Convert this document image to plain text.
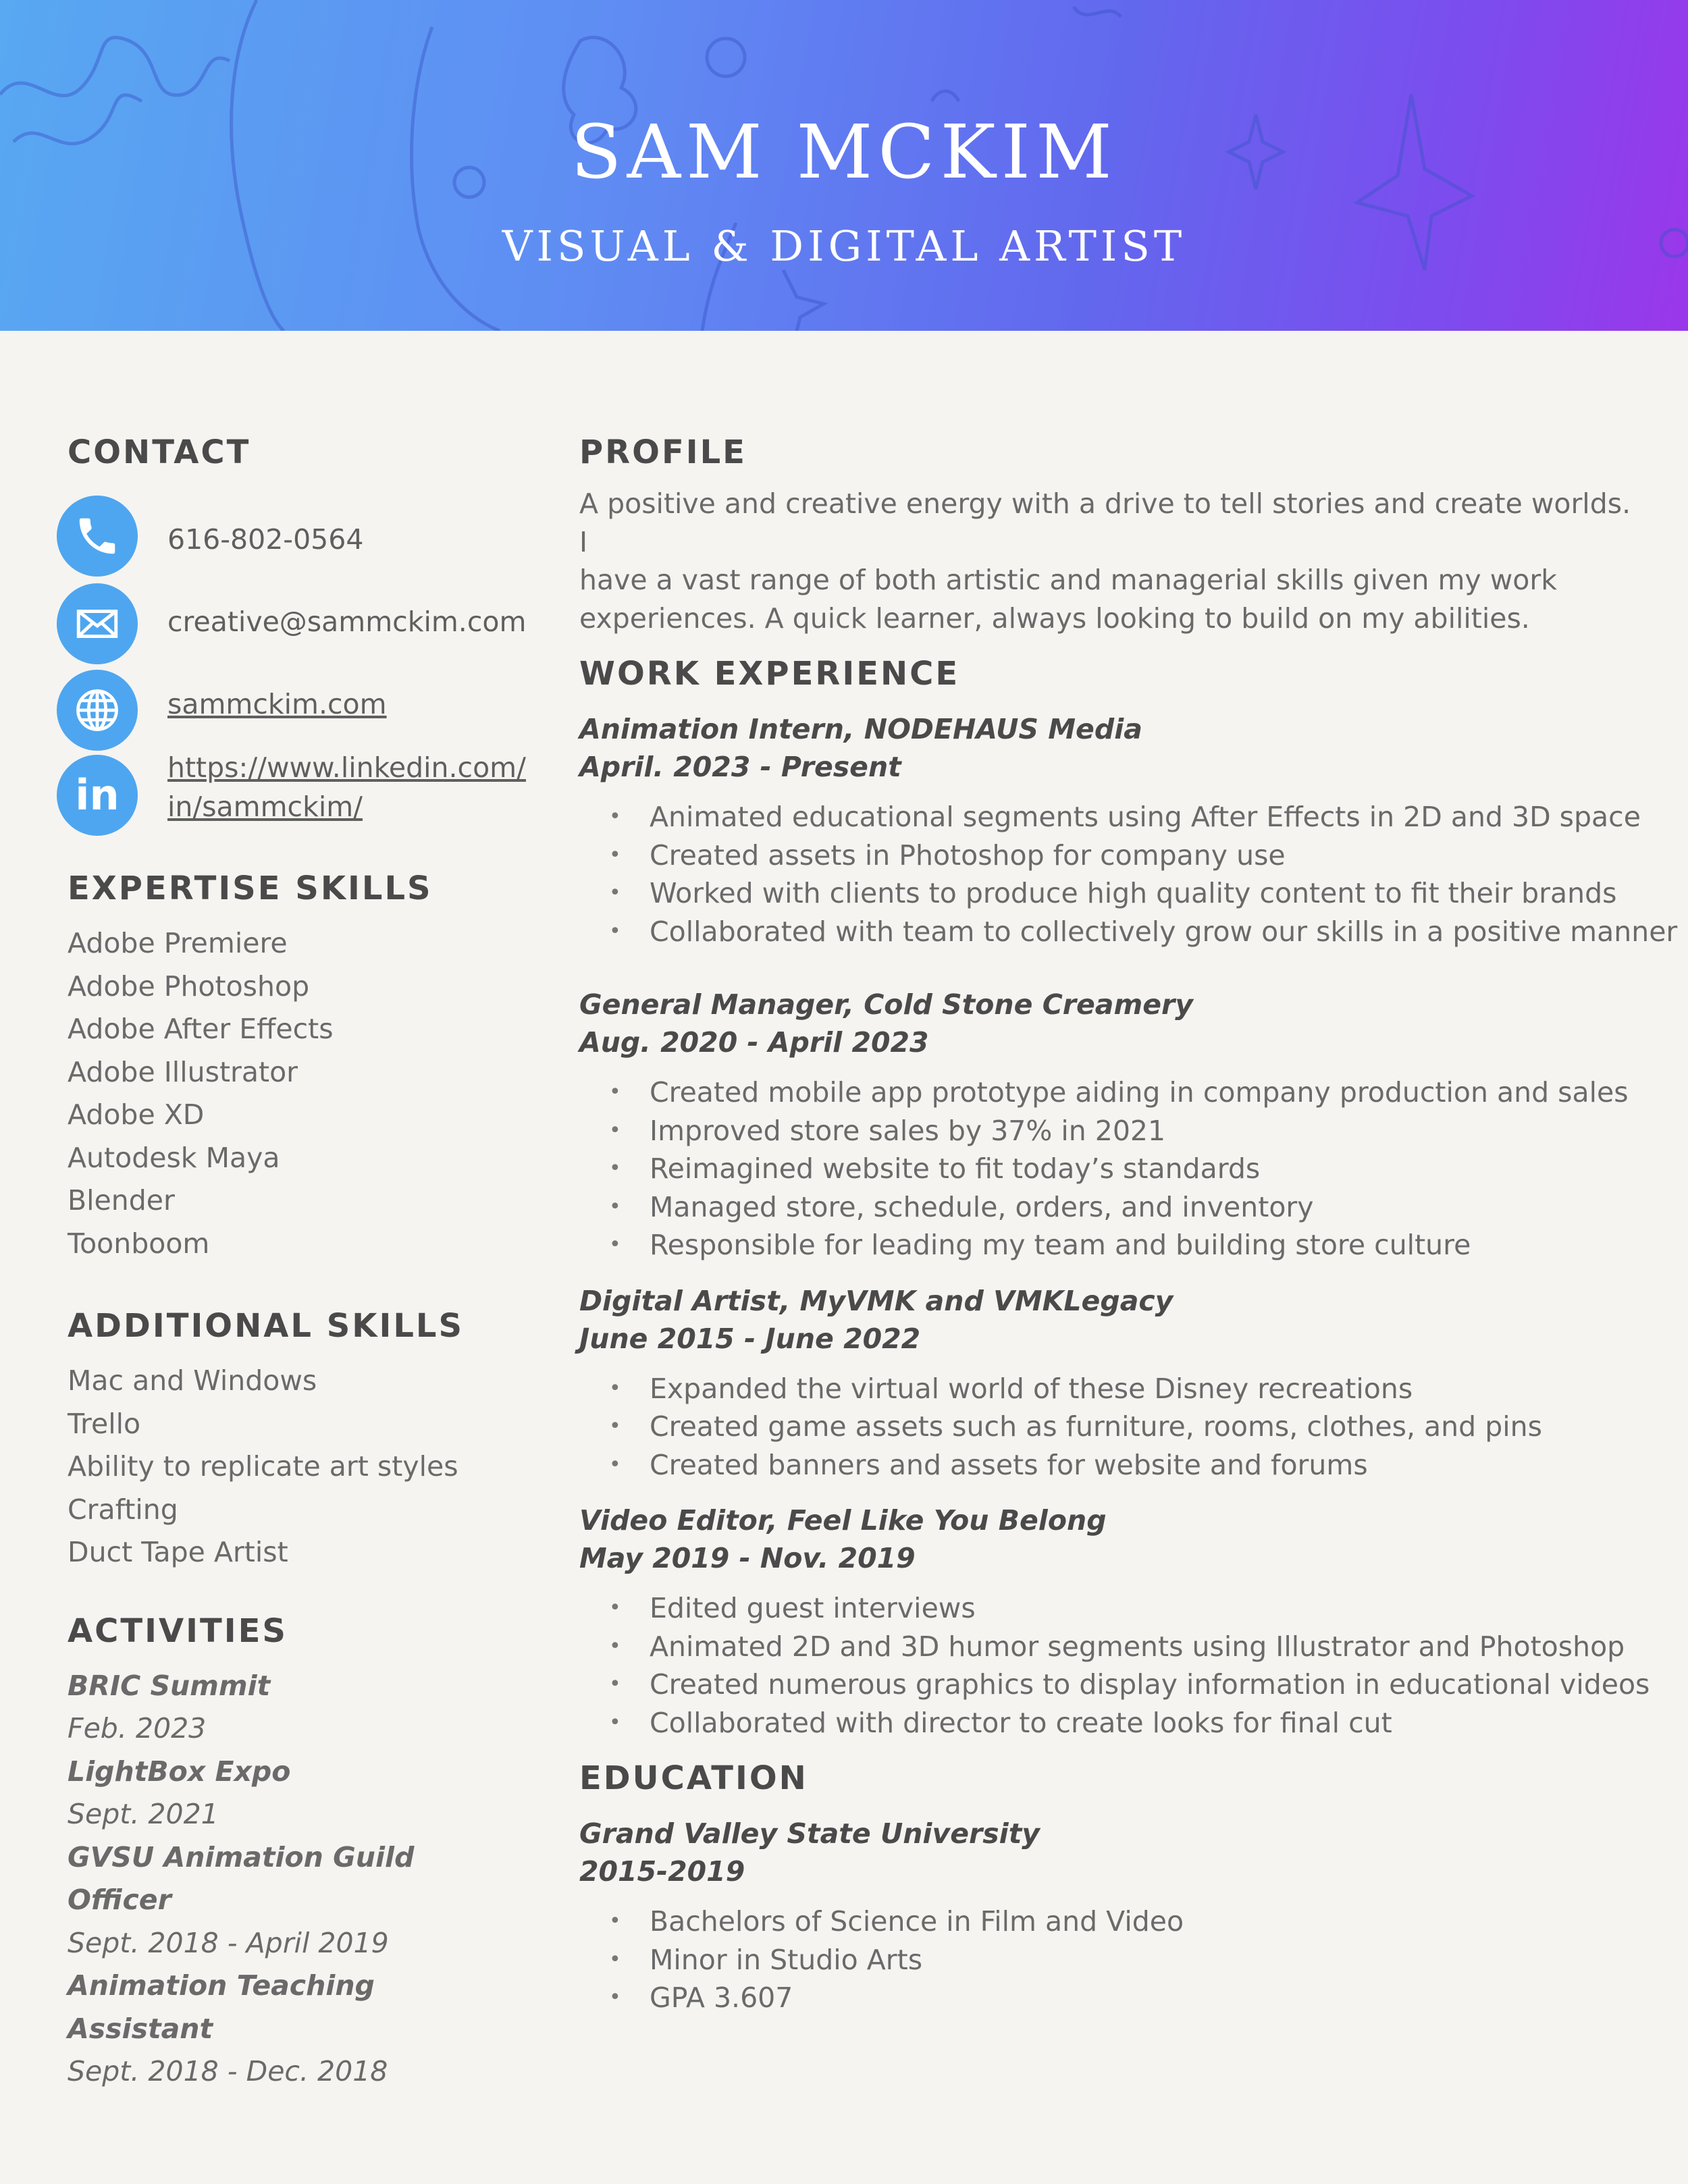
SAM MCKIM
VISUAL & DIGITAL ARTIST
CONTACT
616-802-0564
creative@sammckim.com
sammckim.com
in
https://www.linkedin.com/
in/sammckim/
EXPERTISE SKILLS
Adobe Premiere
Adobe Photoshop
Adobe After Effects
Adobe Illustrator
Adobe XD
Autodesk Maya
Blender
Toonboom
ADDITIONAL SKILLS
Mac and Windows
Trello
Ability to replicate art styles
Crafting
Duct Tape Artist
ACTIVITIES
BRIC Summit
Feb. 2023
LightBox Expo
Sept. 2021
GVSU Animation Guild Officer
Sept. 2018 - April 2019
Animation Teaching Assistant
Sept. 2018 - Dec. 2018
PROFILE
A positive and creative energy with a drive to tell stories and create worlds. I
have a vast range of both artistic and managerial skills given my work
experiences. A quick learner, always looking to build on my abilities.
WORK EXPERIENCE
Animation Intern, NODEHAUS Media
April. 2023 - Present
• Animated educational segments using After Effects in 2D and 3D space
• Created assets in Photoshop for company use
• Worked with clients to produce high quality content to fit their brands
• Collaborated with team to collectively grow our skills in a positive manner
General Manager, Cold Stone Creamery
Aug. 2020 - April 2023
• Created mobile app prototype aiding in company production and sales
• Improved store sales by 37% in 2021
• Reimagined website to fit today’s standards
• Managed store, schedule, orders, and inventory
• Responsible for leading my team and building store culture
Digital Artist, MyVMK and VMKLegacy
June 2015 - June 2022
• Expanded the virtual world of these Disney recreations
• Created game assets such as furniture, rooms, clothes, and pins
• Created banners and assets for website and forums
Video Editor, Feel Like You Belong
May 2019 - Nov. 2019
• Edited guest interviews
• Animated 2D and 3D humor segments using Illustrator and Photoshop
• Created numerous graphics to display information in educational videos
• Collaborated with director to create looks for final cut
EDUCATION
Grand Valley State University
2015-2019
• Bachelors of Science in Film and Video
• Minor in Studio Arts
• GPA 3.607
